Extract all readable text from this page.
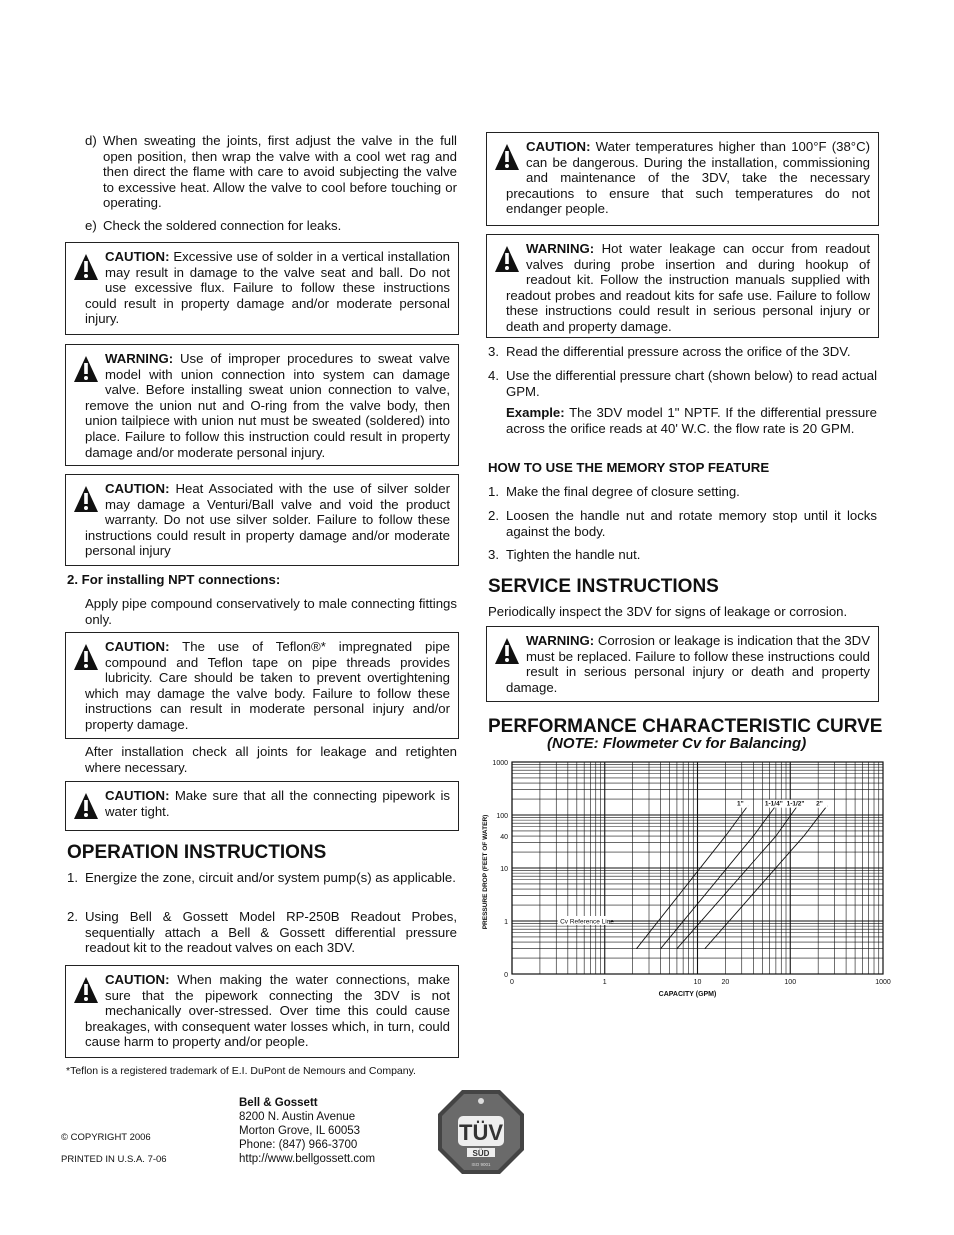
d) When sweating the joints, first adjust the valve in the full open position, then wrap the valve with a cool wet rag and then direct the flame with care to avoid subjecting the valve to excessive heat. Allow the valve to cool before touching or operating.
e) Check the soldered connection for leaks.
CAUTION: Excessive use of solder in a vertical installation may result in damage to the valve seat and ball. Do not use excessive flux. Failure to follow these instructions could result in property damage and/or moderate personal injury.
WARNING: Use of improper procedures to sweat valve model with union connection into system can damage valve. Before installing sweat union connection to valve, remove the union nut and O-ring from the valve body, then union tailpiece with union nut must be sweated (soldered) into place. Failure to follow this instruction could result in property damage and/or moderate personal injury.
CAUTION: Heat Associated with the use of silver solder may damage a Venturi/Ball valve and void the product warranty. Do not use silver solder. Failure to follow these instructions could result in property damage and/or moderate personal injury
2. For installing NPT connections:
Apply pipe compound conservatively to male connecting fittings only.
CAUTION: The use of Teflon®* impregnated pipe compound and Teflon tape on pipe threads provides lubricity. Care should be taken to prevent overtightening which may damage the valve body. Failure to follow these instructions can result in moderate personal injury and/or property damage.
After installation check all joints for leakage and retighten where necessary.
CAUTION: Make sure that all the connecting pipework is water tight.
OPERATION INSTRUCTIONS
1. Energize the zone, circuit and/or system pump(s) as applicable.
2. Using Bell & Gossett Model RP-250B Readout Probes, sequentially attach a Bell & Gossett differential pressure readout kit to the readout valves on each 3DV.
CAUTION: When making the water connections, make sure that the pipework connecting the 3DV is not mechanically over-stressed. Over time this could cause breakages, with consequent water losses which, in turn, could cause harm to property and/or people.
*Teflon is a registered trademark of E.I. DuPont de Nemours and Company.
CAUTION: Water temperatures higher than 100°F (38°C) can be dangerous. During the installation, commissioning and maintenance of the 3DV, take the necessary precautions to ensure that such temperatures do not endanger people.
WARNING: Hot water leakage can occur from readout valves during probe insertion and during hookup of readout kit. Follow the instruction manuals supplied with readout probes and readout kits for safe use. Failure to follow these instructions could result in serious personal injury or death and property damage.
3. Read the differential pressure across the orifice of the 3DV.
4. Use the differential pressure chart (shown below) to read actual GPM.
Example: The 3DV model 1" NPTF. If the differential pressure across the orifice reads at 40' W.C. the flow rate is 20 GPM.
HOW TO USE THE MEMORY STOP FEATURE
1. Make the final degree of closure setting.
2. Loosen the handle nut and rotate memory stop until it locks against the body.
3. Tighten the handle nut.
SERVICE INSTRUCTIONS
Periodically inspect the 3DV for signs of leakage or corrosion.
WARNING: Corrosion or leakage is indication that the 3DV must be replaced. Failure to follow these instructions could result in serious personal injury or death and property damage.
PERFORMANCE CHARACTERISTIC CURVE
(NOTE: Flowmeter Cv for Balancing)
0	1	10	20	100	1000
0
1
10
40
100
1000
CAPACITY (GPM)
PRESSURE DROP (FEET OF WATER)	Cv Reference Line
1"	1-1/4" 1-1/2" 2"
© COPYRIGHT 2006
PRINTED IN U.S.A. 7-06
Bell & Gossett
8200 N. Austin Avenue
Morton Grove, IL 60053
Phone: (847) 966-3700
http://www.bellgossett.com
TÜV
SÜD
ISO 9001
